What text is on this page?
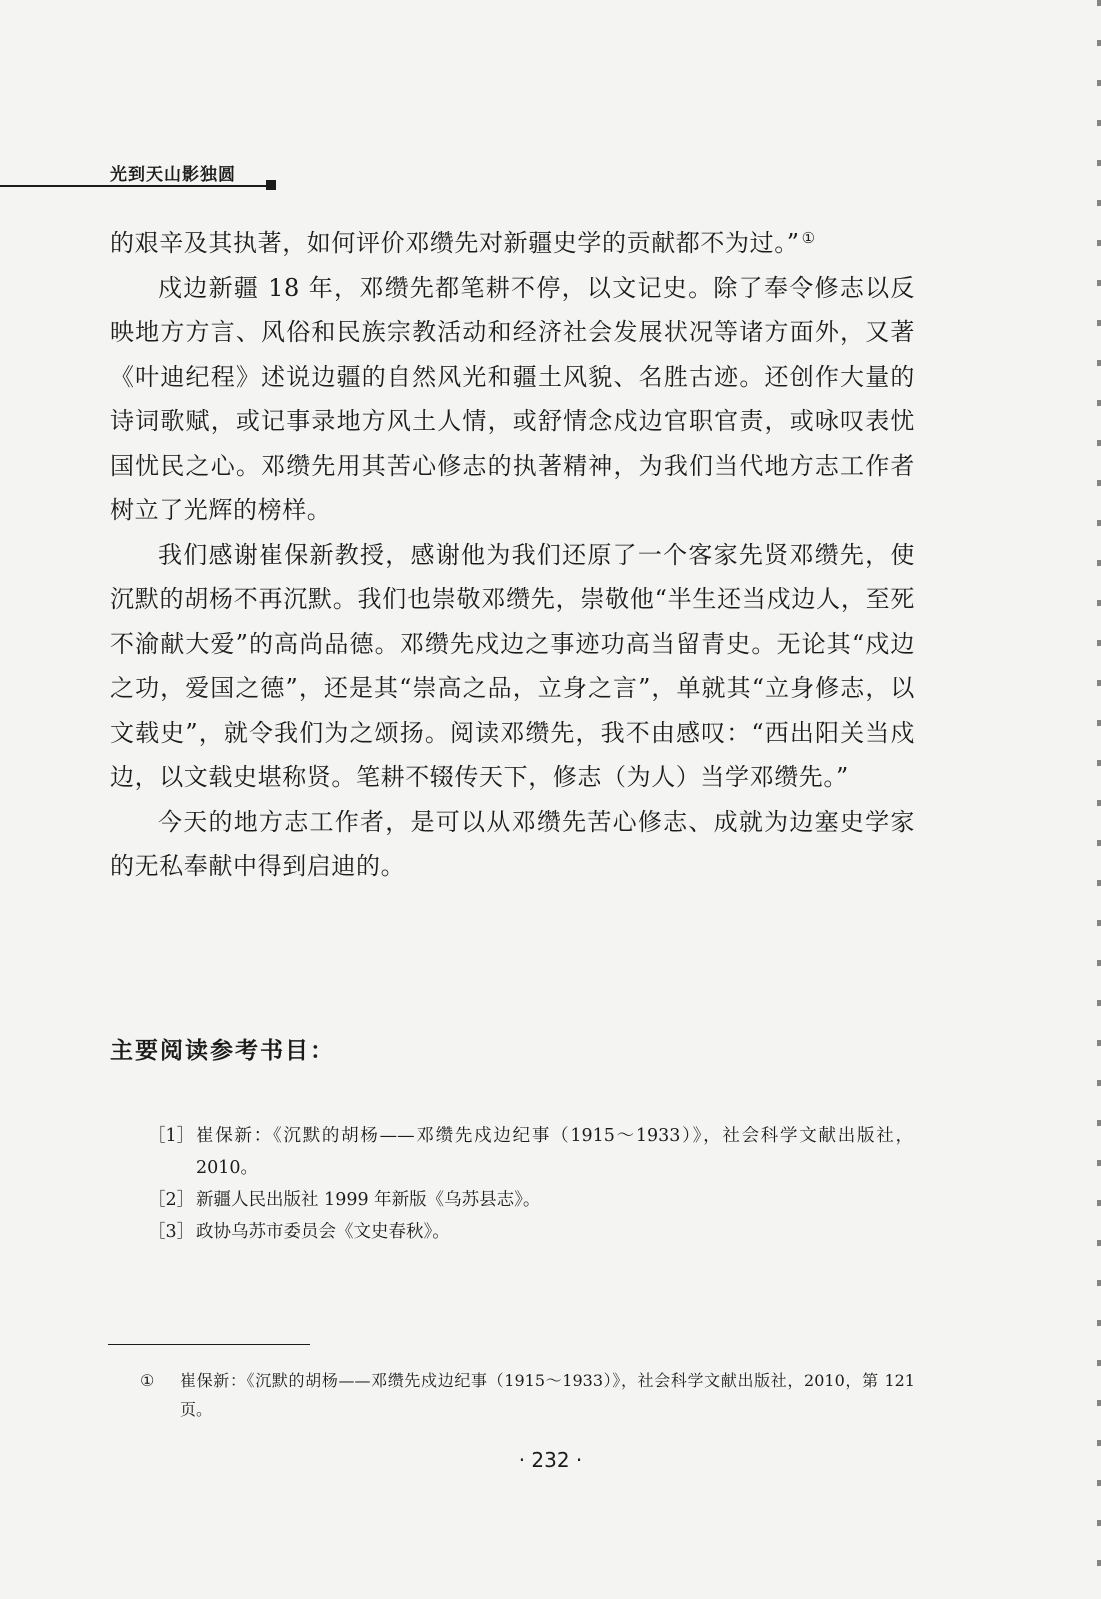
光到天山影独圆

的艰辛及其执著，如何评价邓缵先对新疆史学的贡献都不为过。” ①

戍边新疆 18 年，邓缵先都笔耕不停，以文记史。除了奉令修志以反映地方方言、风俗和民族宗教活动和经济社会发展状况等诸方面外，又著《叶迪纪程》述说边疆的自然风光和疆土风貌、名胜古迹。还创作大量的诗词歌赋，或记事录地方风土人情，或舒情念戍边官职官责，或咏叹表忧国忧民之心。邓缵先用其苦心修志的执著精神，为我们当代地方志工作者树立了光辉的榜样。

我们感谢崔保新教授，感谢他为我们还原了一个客家先贤邓缵先，使沉默的胡杨不再沉默。我们也崇敬邓缵先，崇敬他“半生还当戍边人，至死不渝献大爱”的高尚品德。邓缵先戍边之事迹功高当留青史。无论其“戍边之功，爱国之德”，还是其“崇高之品，立身之言”，单就其“立身修志，以文载史”，就令我们为之颂扬。阅读邓缵先，我不由感叹：“西出阳关当戍边，以文载史堪称贤。笔耕不辍传天下，修志（为人）当学邓缵先。”

今天的地方志工作者，是可以从邓缵先苦心修志、成就为边塞史学家的无私奉献中得到启迪的。

主要阅读参考书目：
［1］ 崔保新：《沉默的胡杨——邓缵先戍边纪事（1915～1933）》，社会科学文献出版社，2010。
［2］ 新疆人民出版社 1999 年新版《乌苏县志》。
［3］ 政协乌苏市委员会《文史春秋》。
①	崔保新：《沉默的胡杨——邓缵先戍边纪事（1915～1933）》，社会科学文献出版社，2010，第 121 页。
· 232 ·
